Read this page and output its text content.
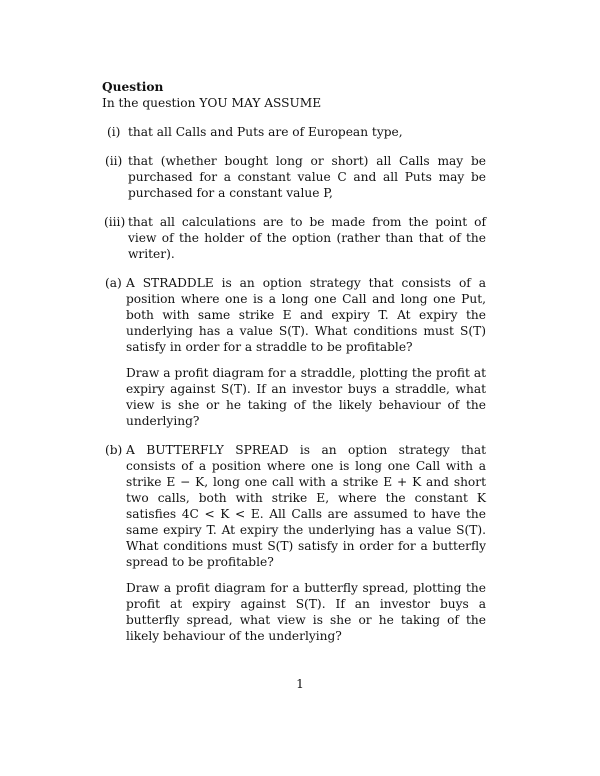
Question

In the question YOU MAY ASSUME

(i) that all Calls and Puts are of European type,
(ii) that (whether bought long or short) all Calls may be purchased for a constant value C and all Puts may be purchased for a constant value P,
(iii) that all calculations are to be made from the point of view of the holder of the option (rather than that of the writer).
(a) A STRADDLE is an option strategy that consists of a position where one is a long one Call and long one Put, both with same strike E and expiry T. At expiry the underlying has a value S(T). What conditions must S(T) satisfy in order for a straddle to be profitable?

Draw a profit diagram for a straddle, plotting the profit at expiry against S(T). If an investor buys a straddle, what view is she or he taking of the likely behaviour of the underlying?

(b) A BUTTERFLY SPREAD is an option strategy that consists of a position where one is long one Call with a strike E − K, long one call with a strike E + K and short two calls, both with strike E, where the constant K satisfies 4C < K < E. All Calls are assumed to have the same expiry T. At expiry the underlying has a value S(T). What conditions must S(T) satisfy in order for a butterfly spread to be profitable?

Draw a profit diagram for a butterfly spread, plotting the profit at expiry against S(T). If an investor buys a butterfly spread, what view is she or he taking of the likely behaviour of the underlying?

1
